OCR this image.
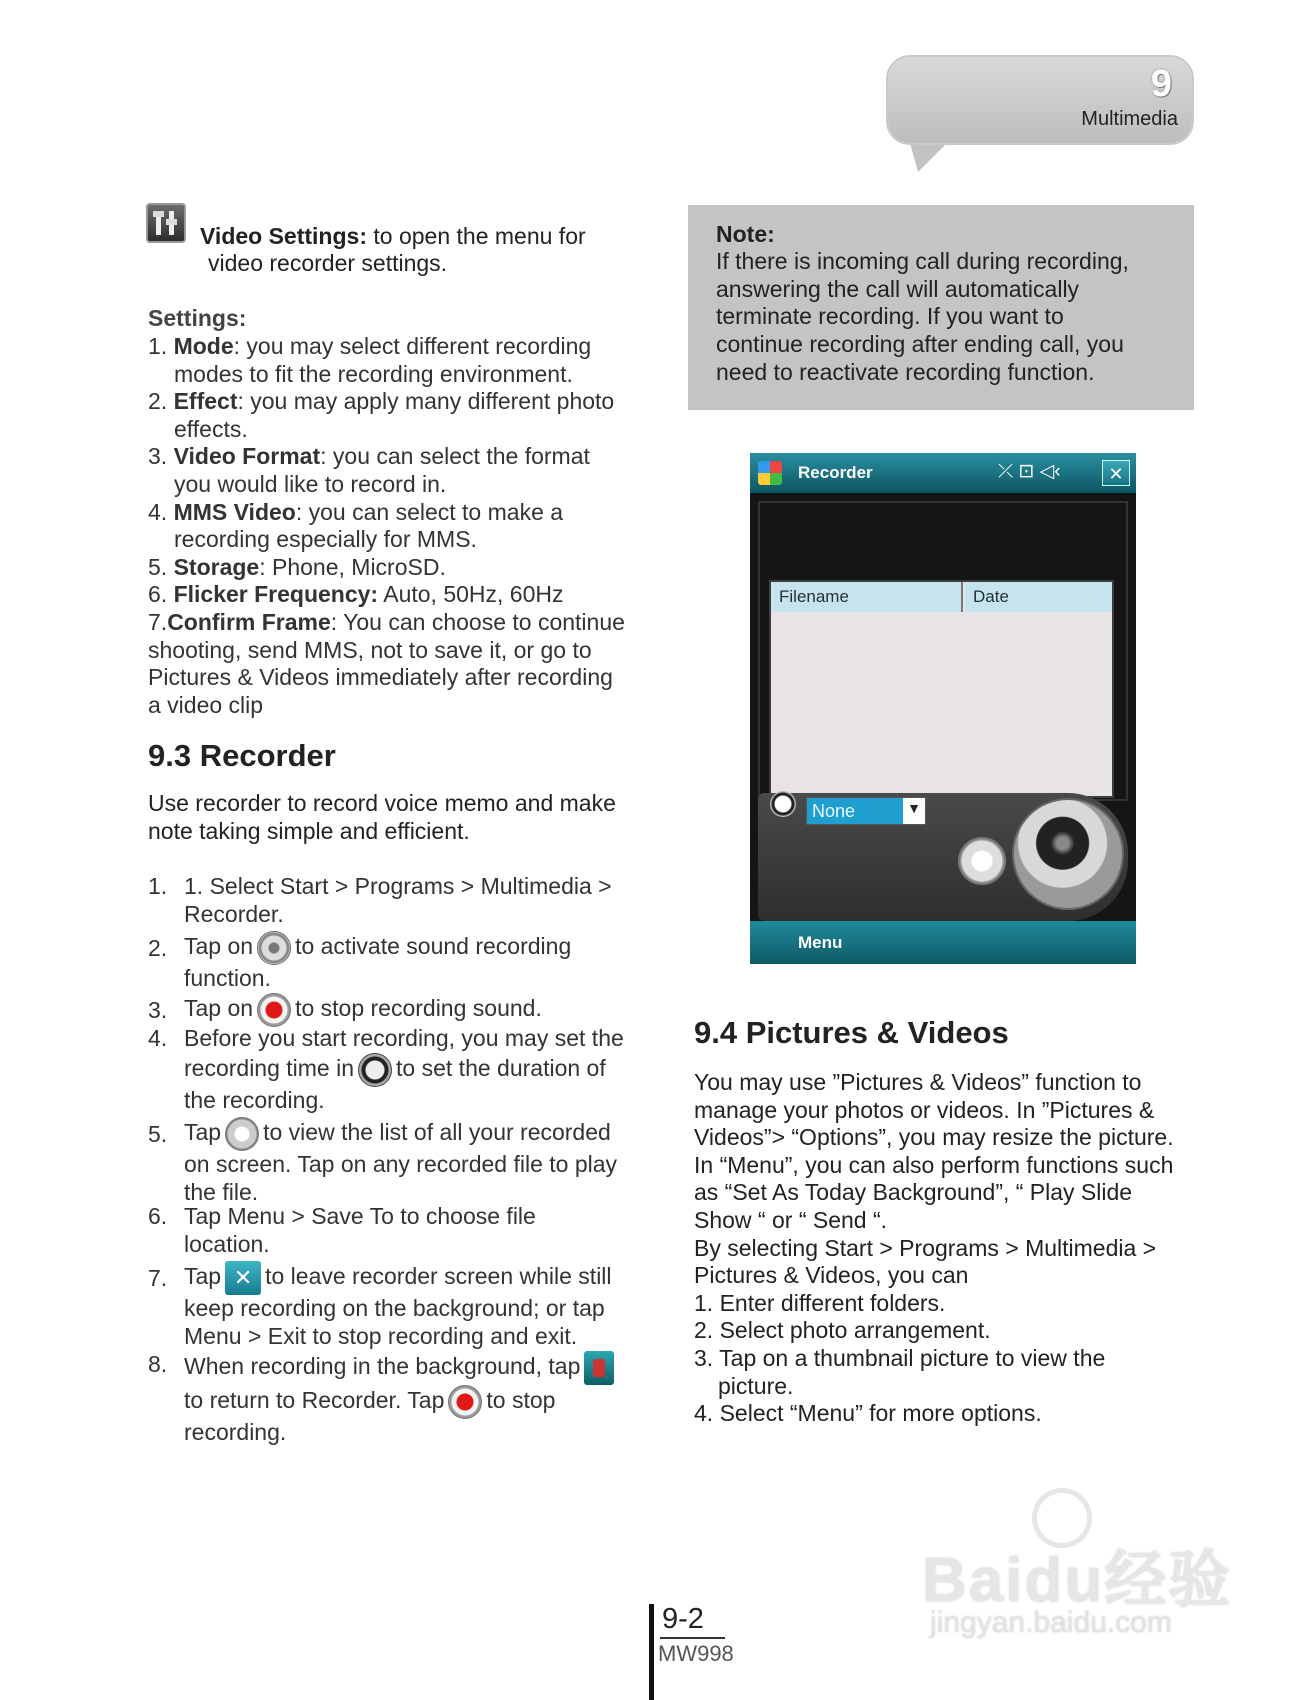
9
Multimedia
Video Settings: to open the menu for
video recorder settings.
Settings:
1. Mode: you may select different recording
modes to fit the recording environment.
2. Effect: you may apply many different photo
effects.
3. Video Format: you can select the format
you would like to record in.
4. MMS Video: you can select to make a
recording especially for MMS.
5. Storage: Phone, MicroSD.
6. Flicker Frequency: Auto, 50Hz, 60Hz
7.Confirm Frame: You can choose to continue
shooting, send MMS, not to save it, or go to
Pictures & Videos immediately after recording
a video clip
9.3 Recorder
Use recorder to record voice memo and make
note taking simple and efficient.
1. 1. Select Start > Programs > Multimedia >
Recorder.
2. Tap on to activate sound recording
function.
3. Tap on to stop recording sound.
4. Before you start recording, you may set the
recording time in to set the duration of
the recording.
5. Tap to view the list of all your recorded
on screen. Tap on any recorded file to play
the file.
6. Tap Menu > Save To to choose file
location.
7. Tap ✕ to leave recorder screen while still
keep recording on the background; or tap
Menu > Exit to stop recording and exit.
8. When recording in the background, tap
to return to Recorder. Tap to stop
recording.
Note:
If there is incoming call during recording,
answering the call will automatically
terminate recording. If you want to
continue recording after ending call, you
need to reactivate recording function.
Recorder	⤫ ⊡ ◁‹	✕
Filename	Date
None	▼
Menu
9.4 Pictures & Videos
You may use ”Pictures & Videos” function to
manage your photos or videos. In ”Pictures &
Videos”> “Options”, you may resize the picture.
In “Menu”, you can also perform functions such
as “Set As Today Background”, “ Play Slide
Show “ or “ Send “.
By selecting Start > Programs > Multimedia >
Pictures & Videos, you can
1. Enter different folders.
2. Select photo arrangement.
3. Tap on a thumbnail picture to view the
picture.
4. Select “Menu” for more options.
9-2
MW998
Baidu经验
jingyan.baidu.com
